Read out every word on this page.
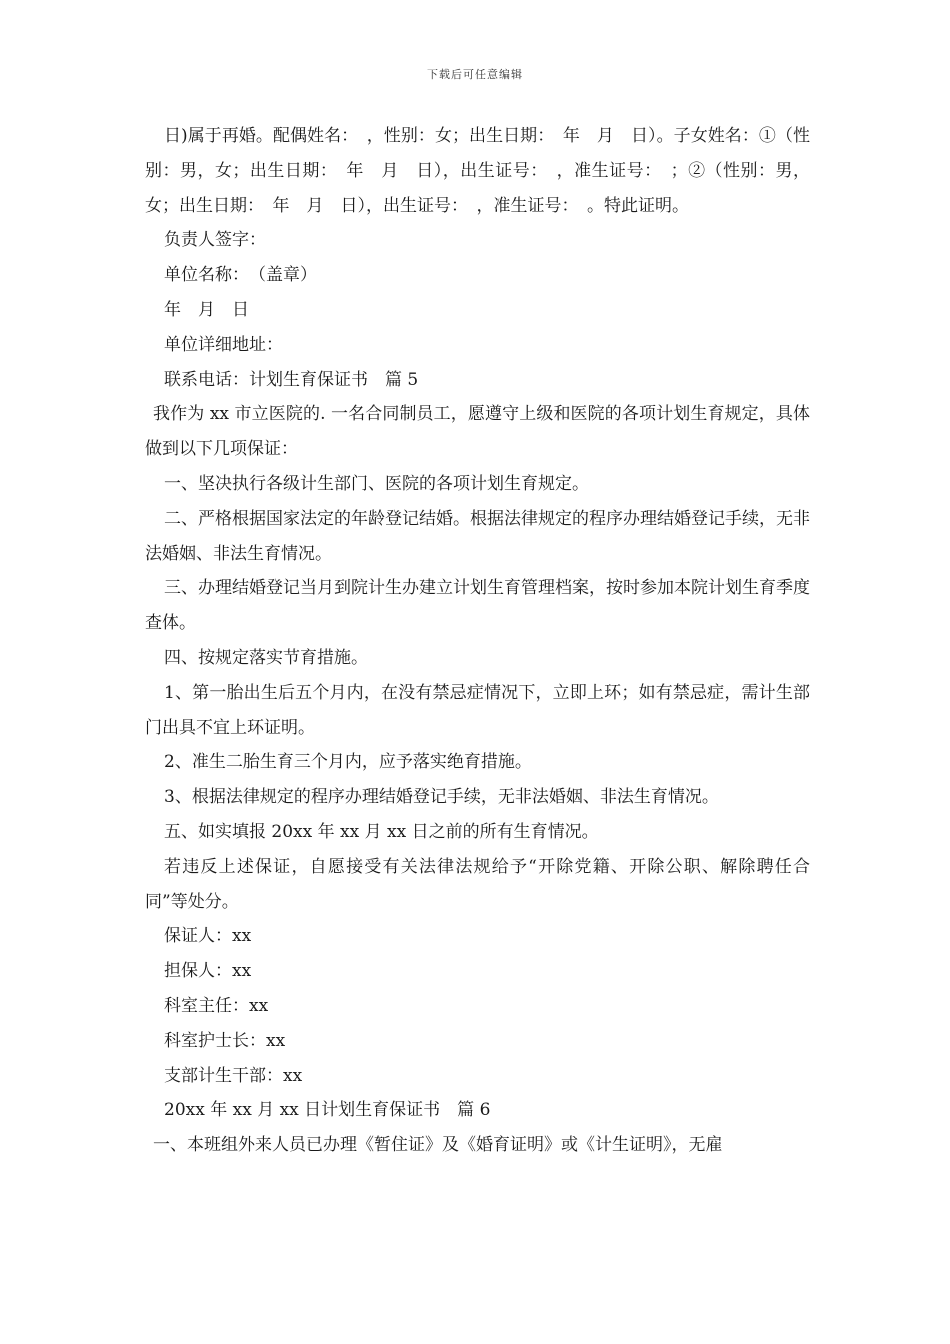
下载后可任意编辑

日)属于再婚。配偶姓名：　，性别：女；出生日期：　年　月　日）。子女姓名：①（性别：男，女；出生日期：　年　月　日），出生证号：　，准生证号：　；②（性别：男，女；出生日期：　年　月　日），出生证号：　，准生证号：　。特此证明。

负责人签字：

单位名称：　（盖章）

年　月　日

单位详细地址：

联系电话：计划生育保证书　篇 5

我作为 xx 市立医院的. 一名合同制员工，愿遵守上级和医院的各项计划生育规定，具体做到以下几项保证：

一、坚决执行各级计生部门、医院的各项计划生育规定。

二、严格根据国家法定的年龄登记结婚。根据法律规定的程序办理结婚登记手续，无非法婚姻、非法生育情况。

三、办理结婚登记当月到院计生办建立计划生育管理档案，按时参加本院计划生育季度查体。

四、按规定落实节育措施。

1、第一胎出生后五个月内，在没有禁忌症情况下，立即上环；如有禁忌症，需计生部门出具不宜上环证明。

2、准生二胎生育三个月内，应予落实绝育措施。

3、根据法律规定的程序办理结婚登记手续，无非法婚姻、非法生育情况。

五、如实填报 20xx 年 xx 月 xx 日之前的所有生育情况。

若违反上述保证，自愿接受有关法律法规给予“开除党籍、开除公职、解除聘任合同”等处分。

保证人：xx

担保人：xx

科室主任：xx

科室护士长：xx

支部计生干部：xx

20xx 年 xx 月 xx 日计划生育保证书　篇 6

一、本班组外来人员已办理《暂住证》及《婚育证明》或《计生证明》，无雇
